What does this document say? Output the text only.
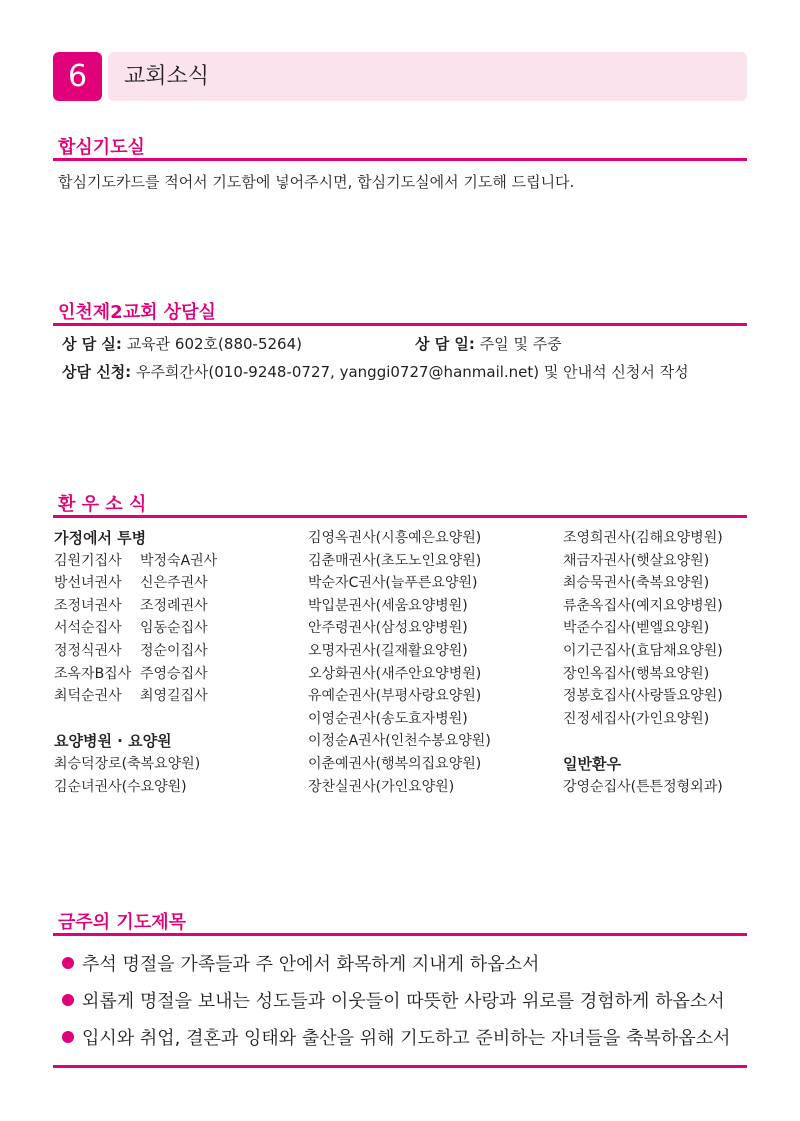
6	교회소식
합심기도실
합심기도카드를 적어서 기도함에 넣어주시면, 합심기도실에서 기도해 드립니다.
인천제2교회 상담실
상 담 실: 교육관 602호(880-5264)	상 담 일: 주일 및 주중
상담 신청: 우주희간사(010-9248-0727, yanggi0727@hanmail.net) 및 안내석 신청서 작성
환 우 소 식
가정에서 투병
김원기집사 박정숙A권사
방선녀권사 신은주권사
조정녀권사 조정례권사
서석순집사 임동순집사
정정식권사 정순이집사
조옥자B집사 주영승집사
최덕순권사 최영길집사
요양병원 · 요양원
최승덕장로(축복요양원)
김순녀권사(수요양원)
김영옥권사(시흥예은요양원)
김춘매권사(초도노인요양원)
박순자C권사(늘푸른요양원)
박입분권사(세움요양병원)
안주령권사(삼성요양병원)
오명자권사(길재활요양원)
오상화권사(새주안요양병원)
유예순권사(부평사랑요양원)
이영순권사(송도효자병원)
이정순A권사(인천수봉요양원)
이춘예권사(행복의집요양원)
장찬실권사(가인요양원)
조영희권사(김해요양병원)
채금자권사(햇살요양원)
최승묵권사(축복요양원)
류춘옥집사(예지요양병원)
박준수집사(벧엘요양원)
이기근집사(효담채요양원)
장인옥집사(행복요양원)
정봉호집사(사랑뜰요양원)
진정세집사(가인요양원)
일반환우
강영순집사(튼튼정형외과)
금주의 기도제목
추석 명절을 가족들과 주 안에서 화목하게 지내게 하옵소서
외롭게 명절을 보내는 성도들과 이웃들이 따뜻한 사랑과 위로를 경험하게 하옵소서
입시와 취업, 결혼과 잉태와 출산을 위해 기도하고 준비하는 자녀들을 축복하옵소서
